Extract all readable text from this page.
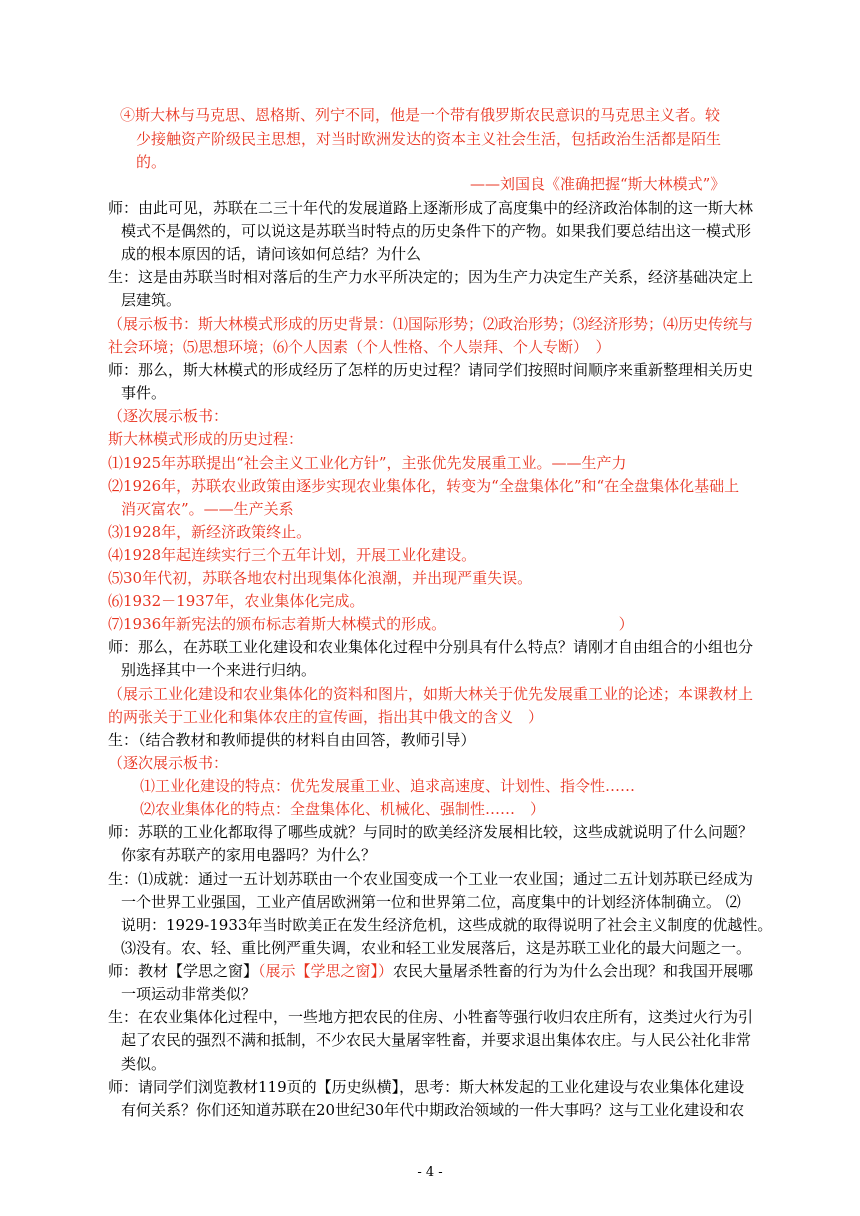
④斯大林与马克思、恩格斯、列宁不同，他是一个带有俄罗斯农民意识的马克思主义者。较
少接触资产阶级民主思想，对当时欧洲发达的资本主义社会生活，包括政治生活都是陌生
的。
——刘国良《准确把握“斯大林模式”》
师：由此可见，苏联在二三十年代的发展道路上逐渐形成了高度集中的经济政治体制的这一斯大林
模式不是偶然的，可以说这是苏联当时特点的历史条件下的产物。如果我们要总结出这一模式形
成的根本原因的话，请问该如何总结？为什么
生：这是由苏联当时相对落后的生产力水平所决定的；因为生产力决定生产关系，经济基础决定上
层建筑。
（展示板书：斯大林模式形成的历史背景：⑴国际形势；⑵政治形势；⑶经济形势；⑷历史传统与
社会环境；⑸思想环境；⑹个人因素（个人性格、个人崇拜、个人专断）　）
师：那么，斯大林模式的形成经历了怎样的历史过程？请同学们按照时间顺序来重新整理相关历史
事件。
（逐次展示板书：
斯大林模式形成的历史过程：
⑴1925年苏联提出“社会主义工业化方针”，主张优先发展重工业。——生产力
⑵1926年，苏联农业政策由逐步实现农业集体化，转变为“全盘集体化”和“在全盘集体化基础上
消灭富农”。——生产关系
⑶1928年，新经济政策终止。
⑷1928年起连续实行三个五年计划，开展工业化建设。
⑸30年代初，苏联各地农村出现集体化浪潮，并出现严重失误。
⑹1932－1937年，农业集体化完成。
⑺1936年新宪法的颁布标志着斯大林模式的形成。　　　　　　　　　　　　）
师：那么，在苏联工业化建设和农业集体化过程中分别具有什么特点？请刚才自由组合的小组也分
别选择其中一个来进行归纳。
（展示工业化建设和农业集体化的资料和图片，如斯大林关于优先发展重工业的论述；本课教材上
的两张关于工业化和集体农庄的宣传画，指出其中俄文的含义　）
生：（结合教材和教师提供的材料自由回答，教师引导）
（逐次展示板书：
⑴工业化建设的特点：优先发展重工业、追求高速度、计划性、指令性……
⑵农业集体化的特点：全盘集体化、机械化、强制性……　）
师：苏联的工业化都取得了哪些成就？与同时的欧美经济发展相比较，这些成就说明了什么问题？
你家有苏联产的家用电器吗？为什么？
生：⑴成就：通过一五计划苏联由一个农业国变成一个工业一农业国；通过二五计划苏联已经成为
一个世界工业强国，工业产值居欧洲第一位和世界第二位，高度集中的计划经济体制确立。 ⑵
说明：1929-1933年当时欧美正在发生经济危机，这些成就的取得说明了社会主义制度的优越性。
⑶没有。农、轻、重比例严重失调，农业和轻工业发展落后，这是苏联工业化的最大问题之一。
师：教材【学思之窗】（展示【学思之窗】）农民大量屠杀牲畜的行为为什么会出现？和我国开展哪
一项运动非常类似？
生：在农业集体化过程中，一些地方把农民的住房、小牲畜等强行收归农庄所有，这类过火行为引
起了农民的强烈不满和抵制，不少农民大量屠宰牲畜，并要求退出集体农庄。与人民公社化非常
类似。
师：请同学们浏览教材119页的【历史纵横】，思考：斯大林发起的工业化建设与农业集体化建设
有何关系？你们还知道苏联在20世纪30年代中期政治领域的一件大事吗？这与工业化建设和农
- 4 -
